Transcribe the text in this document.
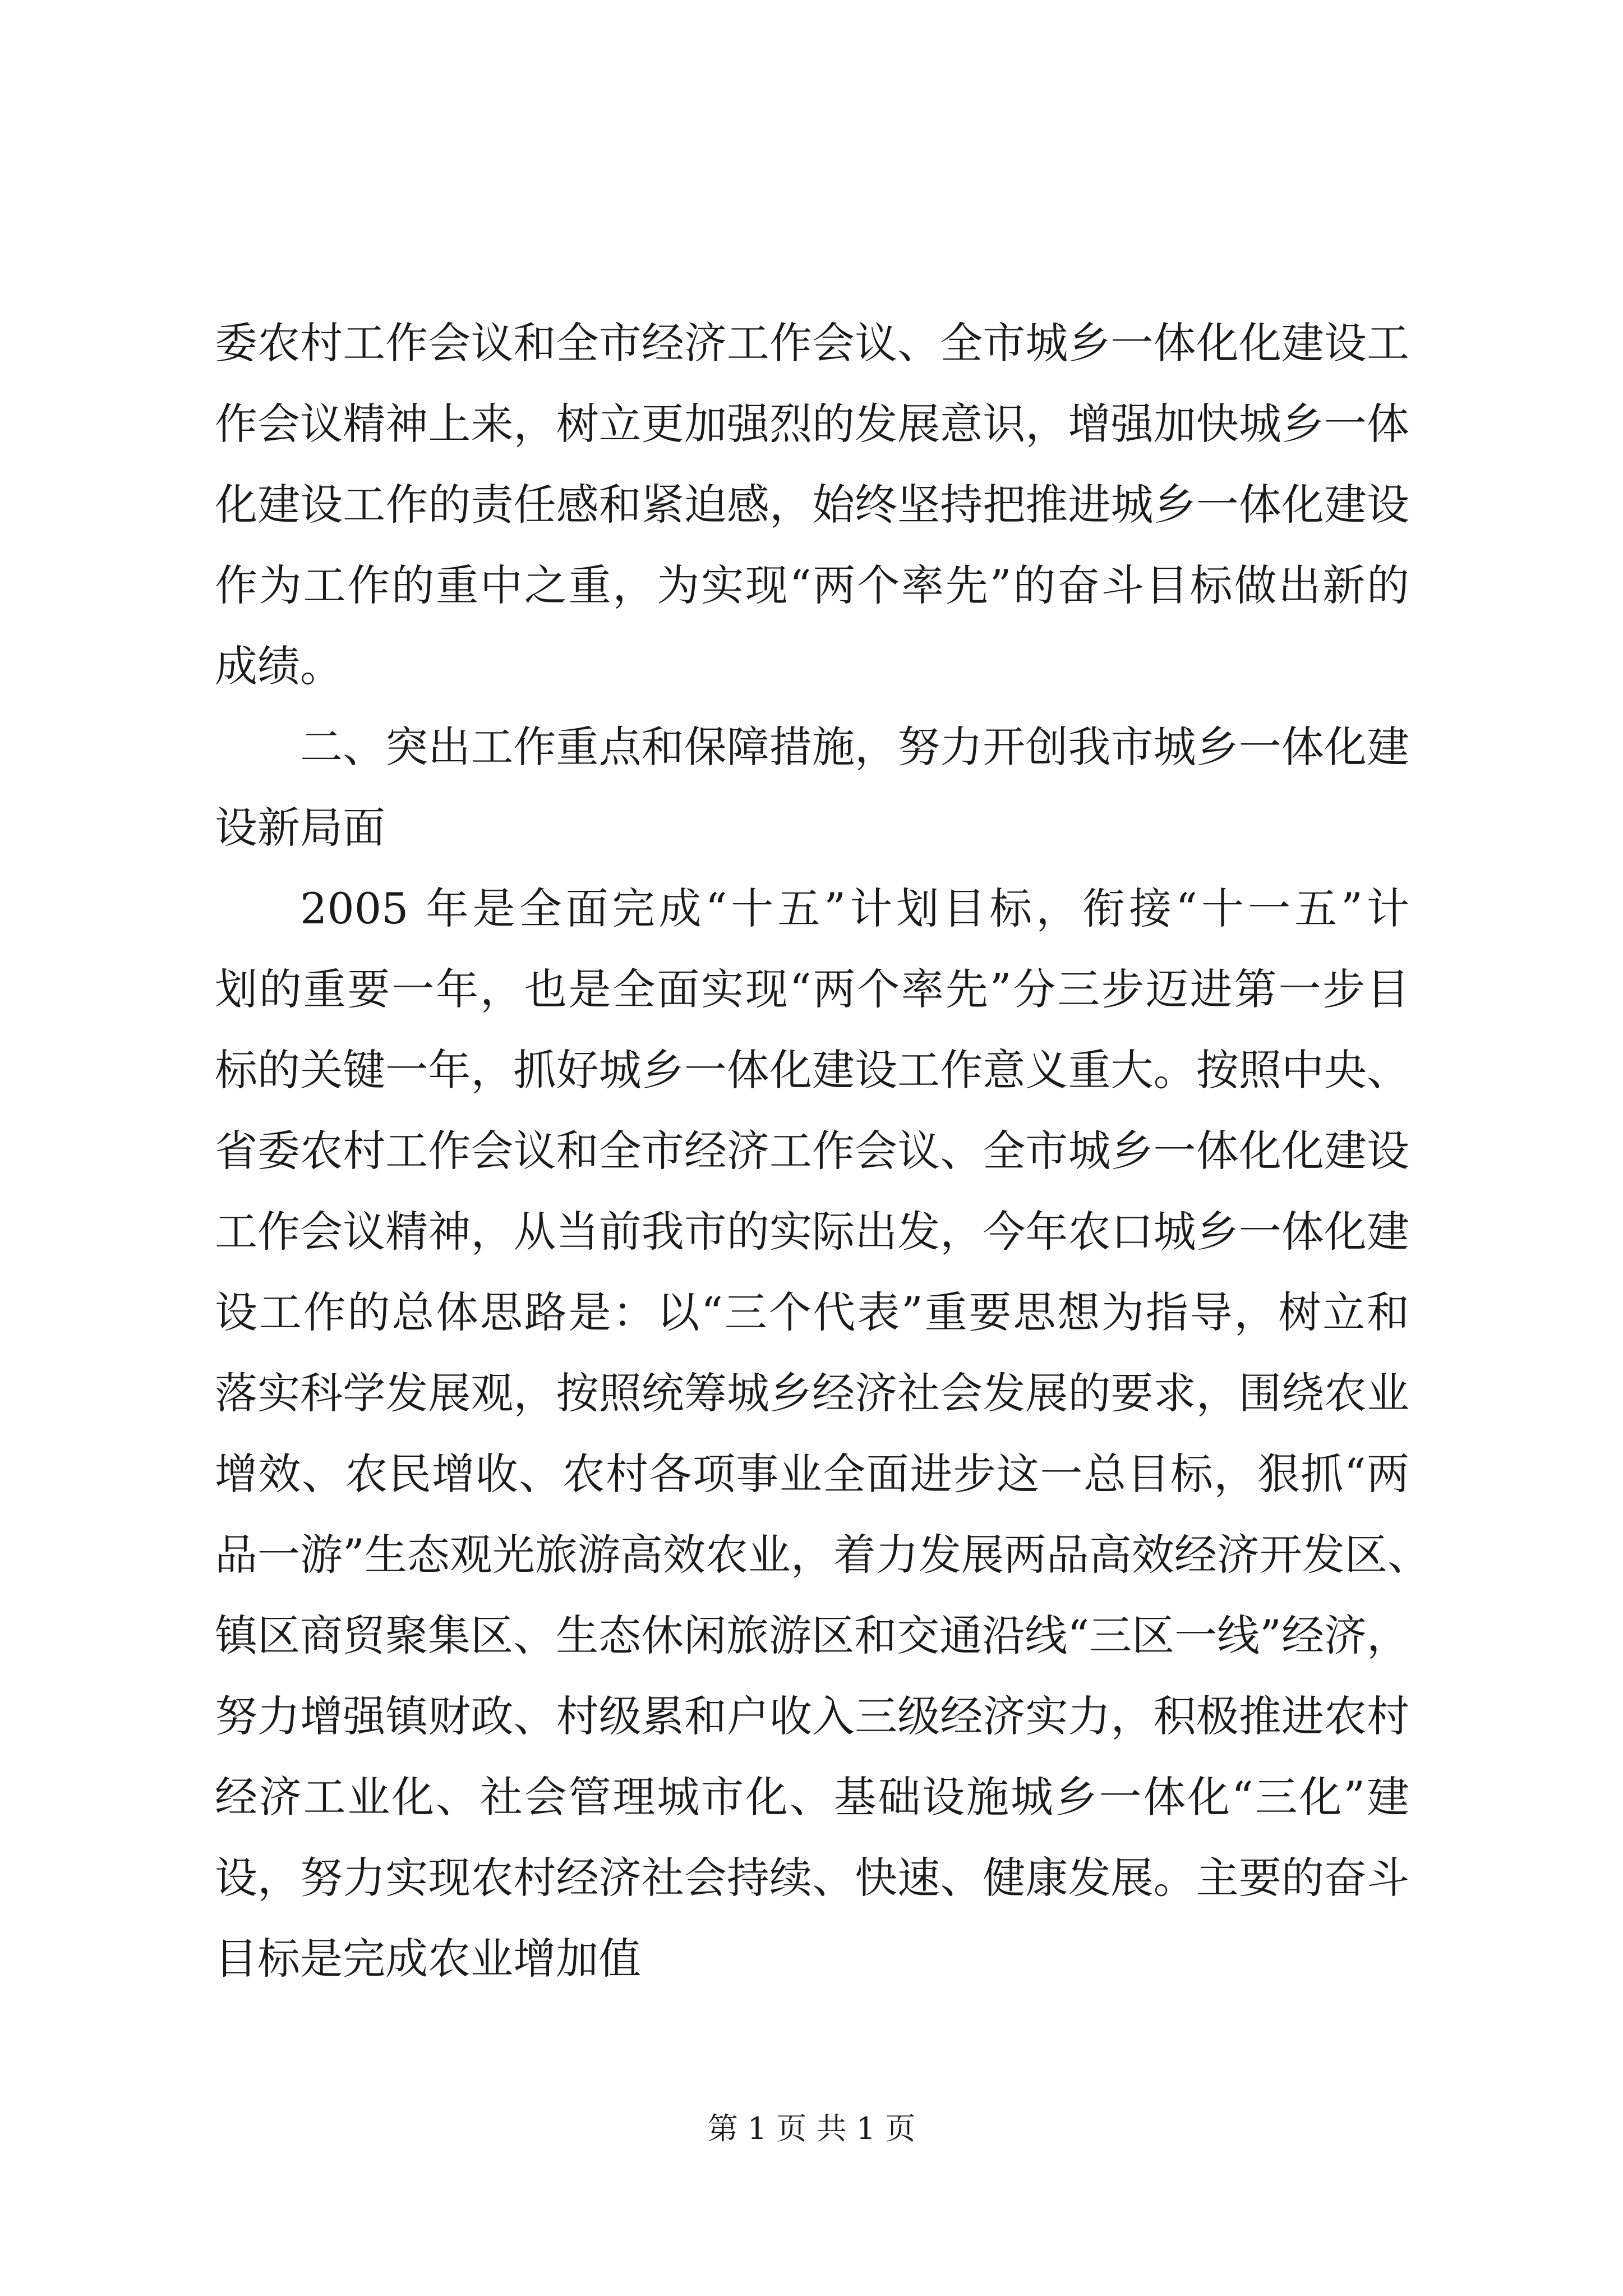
委农村工作会议和全市经济工作会议、全市城乡一体化化建设工
作会议精神上来，树立更加强烈的发展意识，增强加快城乡一体
化建设工作的责任感和紧迫感，始终坚持把推进城乡一体化建设
作为工作的重中之重，为实现“两个率先”的奋斗目标做出新的
成绩。
二、突出工作重点和保障措施，努力开创我市城乡一体化建
设新局面
2005 年是全面完成“十五”计划目标，衔接“十一五”计
划的重要一年，也是全面实现“两个率先”分三步迈进第一步目
标的关键一年，抓好城乡一体化建设工作意义重大。按照中央、
省委农村工作会议和全市经济工作会议、全市城乡一体化化建设
工作会议精神，从当前我市的实际出发，今年农口城乡一体化建
设工作的总体思路是：以“三个代表”重要思想为指导，树立和
落实科学发展观，按照统筹城乡经济社会发展的要求，围绕农业
增效、农民增收、农村各项事业全面进步这一总目标，狠抓“两
品一游”生态观光旅游高效农业，着力发展两品高效经济开发区、
镇区商贸聚集区、生态休闲旅游区和交通沿线“三区一线”经济，
努力增强镇财政、村级累和户收入三级经济实力，积极推进农村
经济工业化、社会管理城市化、基础设施城乡一体化“三化”建
设，努力实现农村经济社会持续、快速、健康发展。主要的奋斗
目标是完成农业增加值
第 1 页 共 1 页
